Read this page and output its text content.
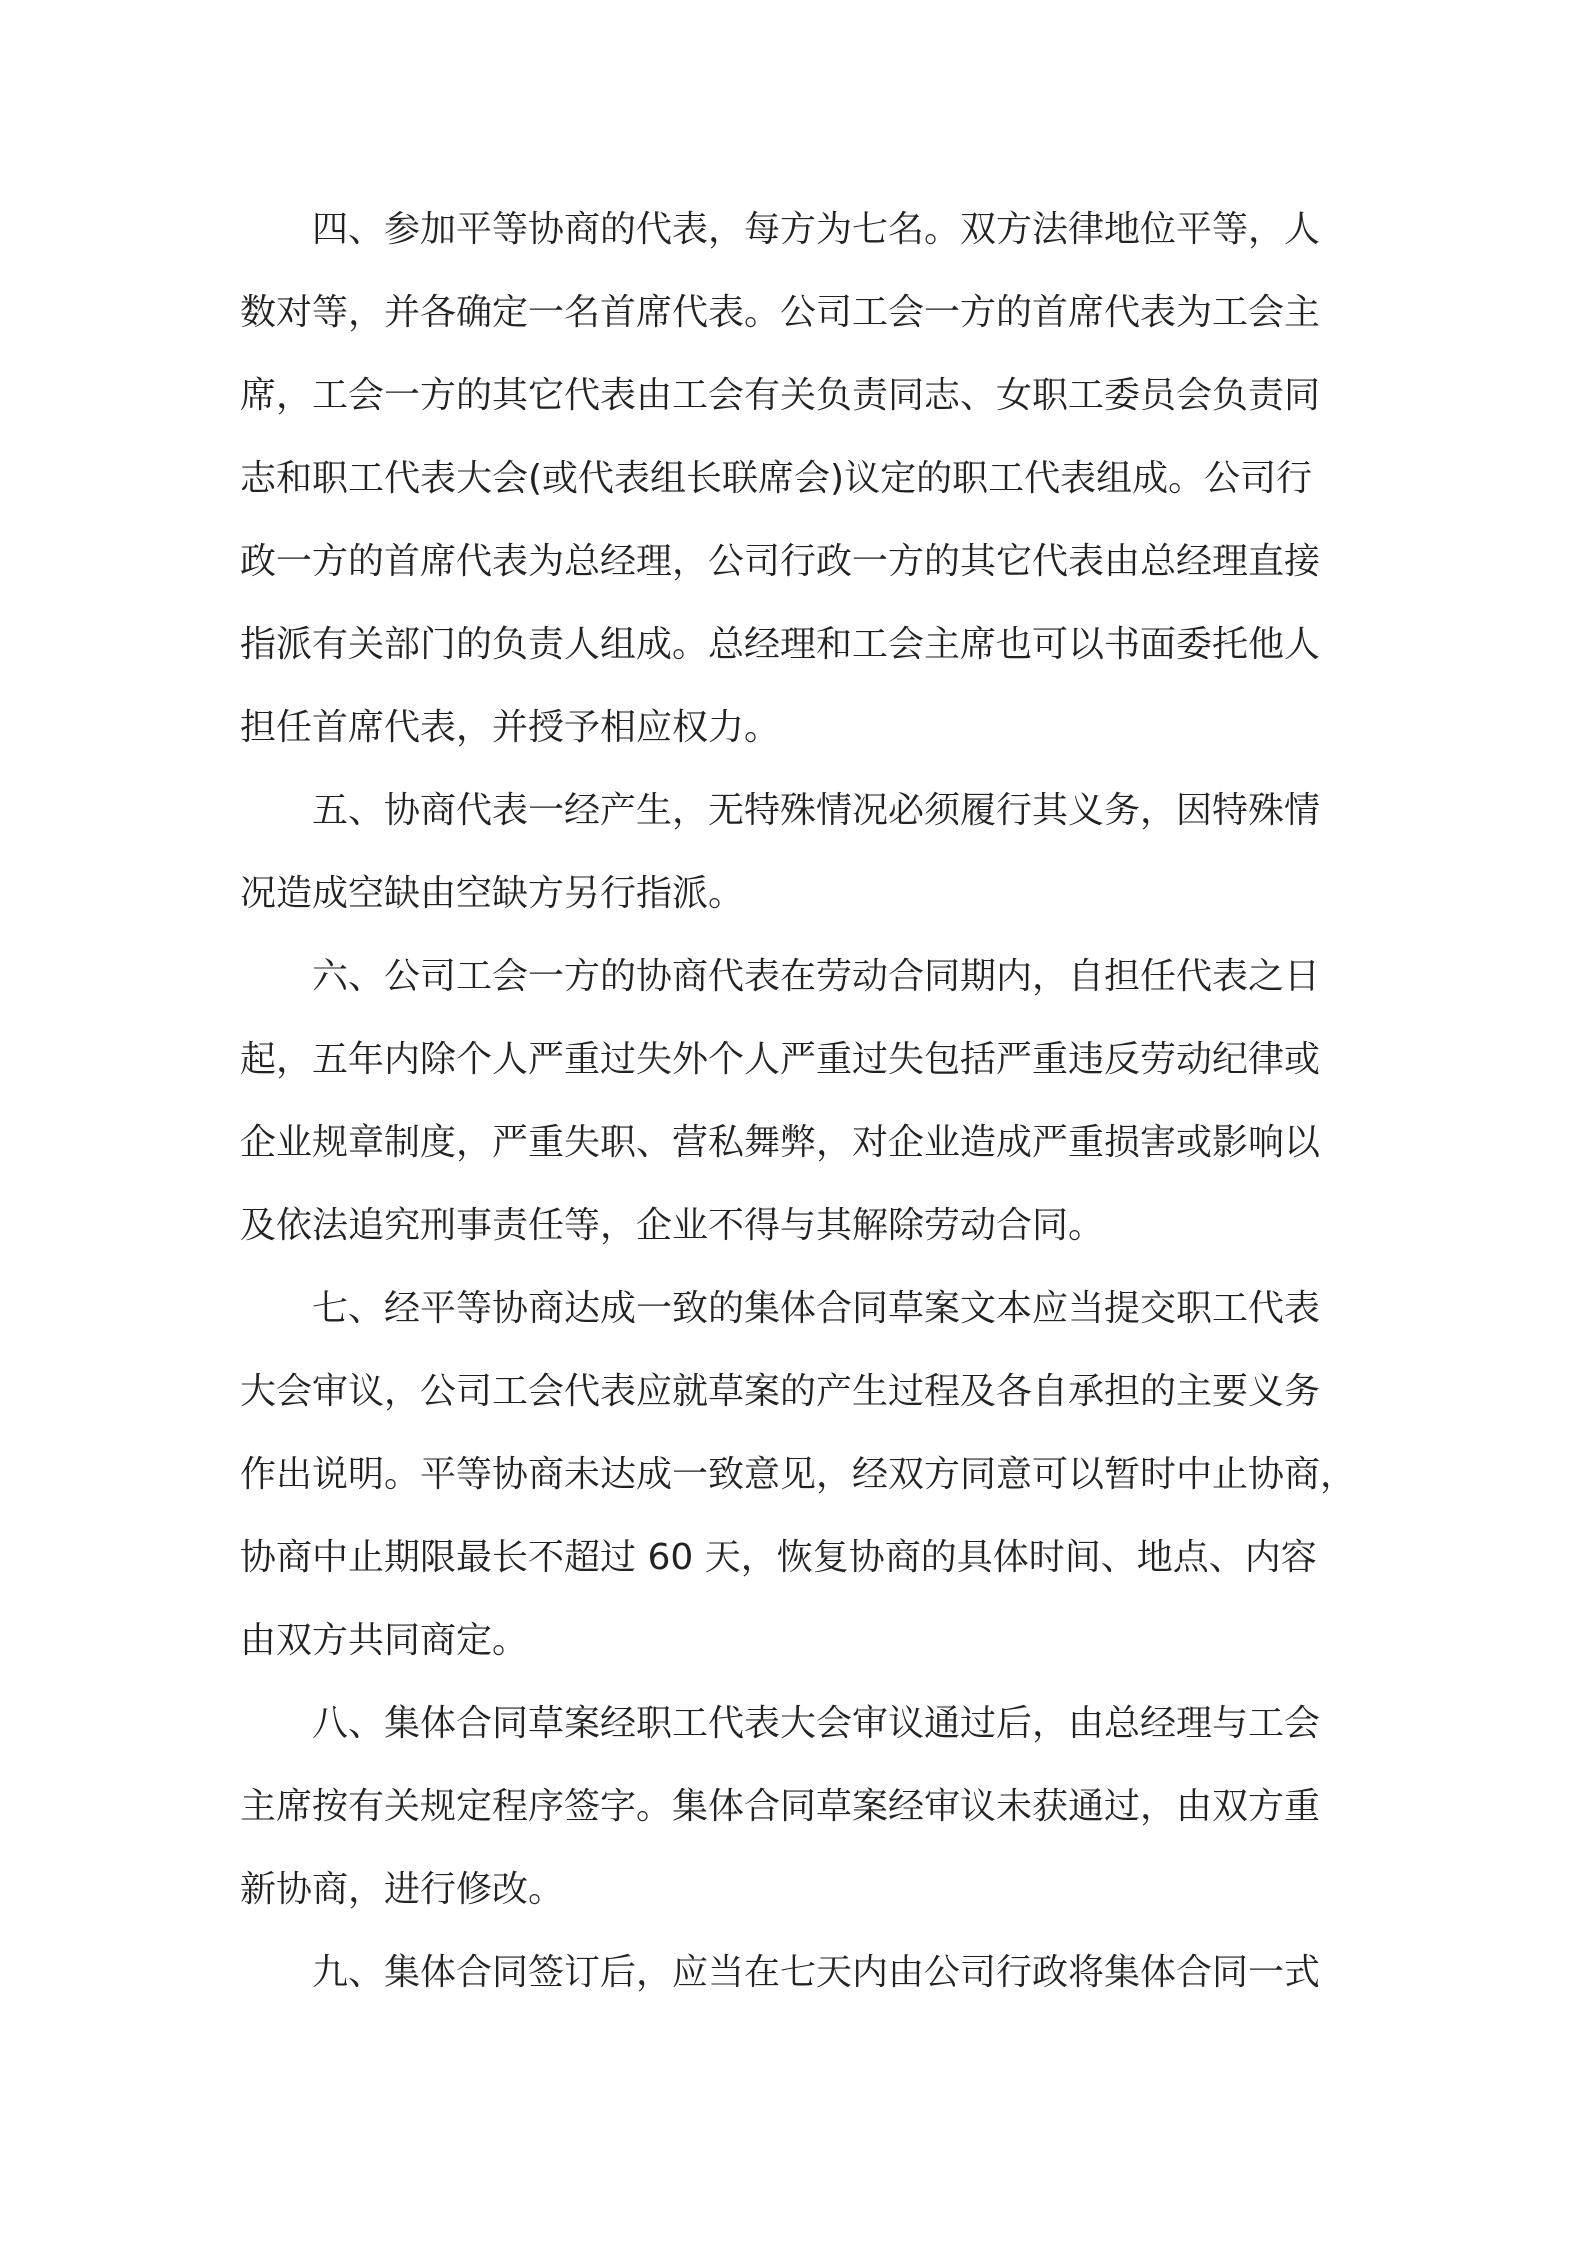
四、参加平等协商的代表，每方为七名。双方法律地位平等，人
数对等，并各确定一名首席代表。公司工会一方的首席代表为工会主
席，工会一方的其它代表由工会有关负责同志、女职工委员会负责同
志和职工代表大会(或代表组长联席会)议定的职工代表组成。公司行
政一方的首席代表为总经理，公司行政一方的其它代表由总经理直接
指派有关部门的负责人组成。总经理和工会主席也可以书面委托他人
担任首席代表，并授予相应权力。
五、协商代表一经产生，无特殊情况必须履行其义务，因特殊情
况造成空缺由空缺方另行指派。
六、公司工会一方的协商代表在劳动合同期内，自担任代表之日
起，五年内除个人严重过失外个人严重过失包括严重违反劳动纪律或
企业规章制度，严重失职、营私舞弊，对企业造成严重损害或影响以
及依法追究刑事责任等，企业不得与其解除劳动合同。
七、经平等协商达成一致的集体合同草案文本应当提交职工代表
大会审议，公司工会代表应就草案的产生过程及各自承担的主要义务
作出说明。平等协商未达成一致意见，经双方同意可以暂时中止协商，
协商中止期限最长不超过 60 天，恢复协商的具体时间、地点、内容
由双方共同商定。
八、集体合同草案经职工代表大会审议通过后，由总经理与工会
主席按有关规定程序签字。集体合同草案经审议未获通过，由双方重
新协商，进行修改。
九、集体合同签订后，应当在七天内由公司行政将集体合同一式
